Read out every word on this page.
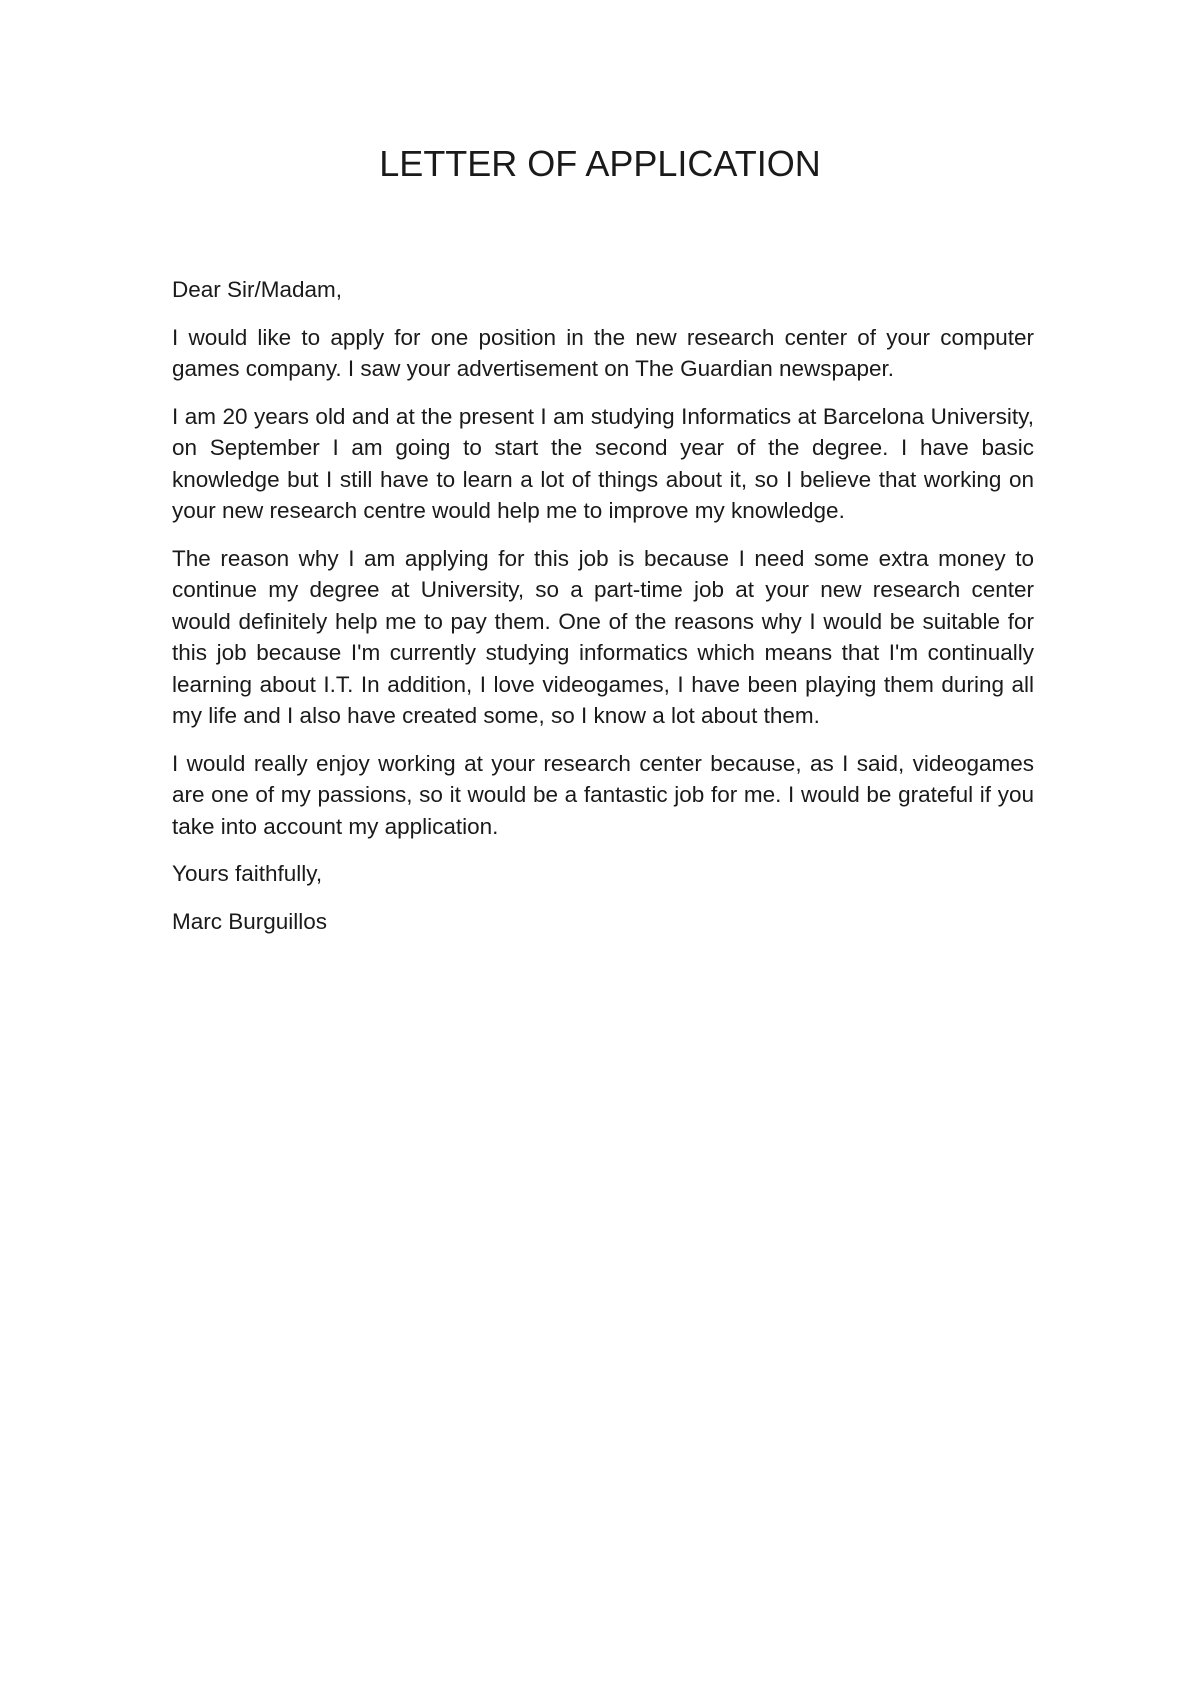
LETTER OF APPLICATION

Dear Sir/Madam,

I would like to apply for one position in the new research center of your computer games company. I saw your advertisement on The Guardian newspaper.

I am 20 years old and at the present I am studying Informatics at Barcelona University, on September I am going to start the second year of the degree. I have basic knowledge but I still have to learn a lot of things about it, so I believe that working on your new research centre would help me to improve my knowledge.

The reason why I am applying for this job is because I need some extra money to continue my degree at University, so a part-time job at your new research center would definitely help me to pay them. One of the reasons why I would be suitable for this job because I'm currently studying informatics which means that I'm continually learning about I.T. In addition, I love videogames, I have been playing them during all my life and I also have created some, so I know a lot about them.

I would really enjoy working at your research center because, as I said, videogames are one of my passions, so it would be a fantastic job for me. I would be grateful if you take into account my application.

Yours faithfully,

Marc Burguillos
